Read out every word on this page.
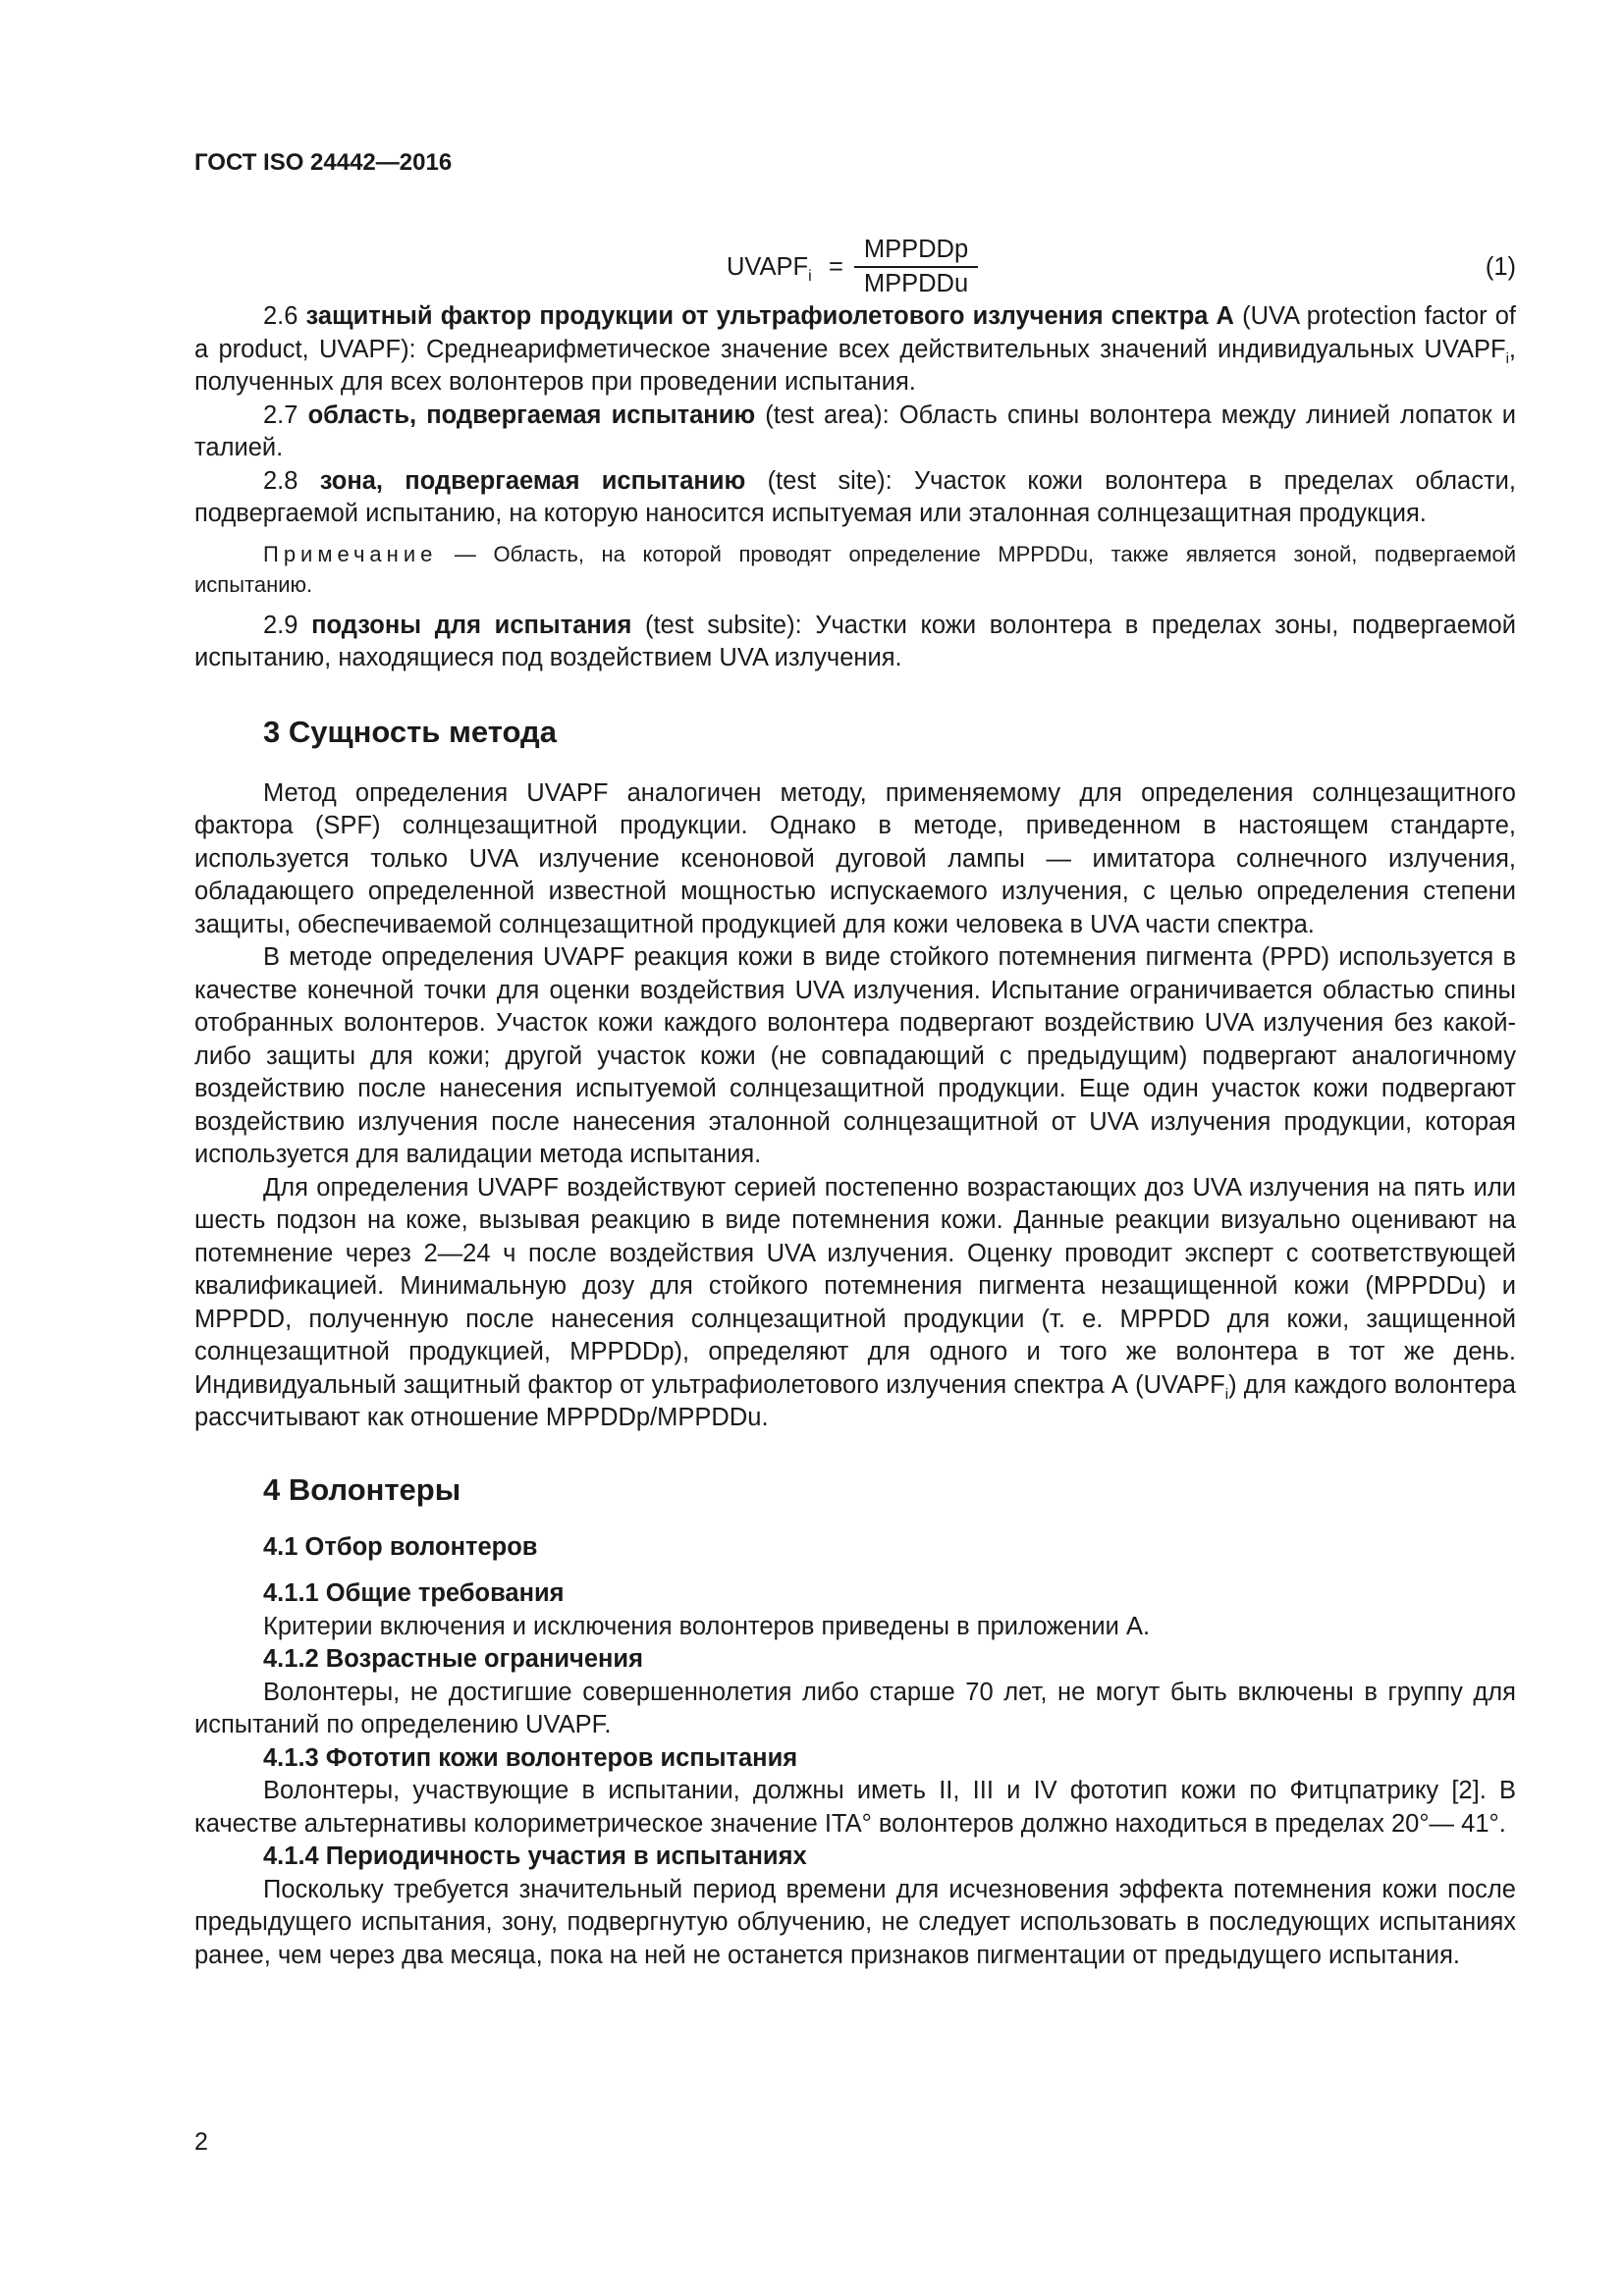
ГОСТ ISO 24442—2016
$UVAPF_i$ =
MPPDDp
MPPDDu
(1)

2.6 защитный фактор продукции от ультрафиолетового излучения спектра А (UVA protection factor of a product, UVAPF): Среднеарифметическое значение всех действительных значений индивидуальных $UVAPF_i$, полученных для всех волонтеров при проведении испытания.

2.7 область, подвергаемая испытанию (test area): Область спины волонтера между линией лопаток и талией.

2.8 зона, подвергаемая испытанию (test site): Участок кожи волонтера в пределах области, подвергаемой испытанию, на которую наносится испытуемая или эталонная солнцезащитная продукция.

Примечание — Область, на которой проводят определение MPPDDu, также является зоной, подвергаемой испытанию.

2.9 подзоны для испытания (test subsite): Участки кожи волонтера в пределах зоны, подвергаемой испытанию, находящиеся под воздействием UVA излучения.

3 Сущность метода

Метод определения UVAPF аналогичен методу, применяемому для определения солнцезащитного фактора (SPF) солнцезащитной продукции. Однако в методе, приведенном в настоящем стандарте, используется только UVA излучение ксеноновой дуговой лампы — имитатора солнечного излучения, обладающего определенной известной мощностью испускаемого излучения, с целью определения степени защиты, обеспечиваемой солнцезащитной продукцией для кожи человека в UVA части спектра.

В методе определения UVAPF реакция кожи в виде стойкого потемнения пигмента (PPD) используется в качестве конечной точки для оценки воздействия UVA излучения. Испытание ограничивается областью спины отобранных волонтеров. Участок кожи каждого волонтера подвергают воздействию UVA излучения без какой-либо защиты для кожи; другой участок кожи (не совпадающий с предыдущим) подвергают аналогичному воздействию после нанесения испытуемой солнцезащитной продукции. Еще один участок кожи подвергают воздействию излучения после нанесения эталонной солнцезащитной от UVA излучения продукции, которая используется для валидации метода испытания.

Для определения UVAPF воздействуют серией постепенно возрастающих доз UVA излучения на пять или шесть подзон на коже, вызывая реакцию в виде потемнения кожи. Данные реакции визуально оценивают на потемнение через 2—24 ч после воздействия UVA излучения. Оценку проводит эксперт с соответствующей квалификацией. Минимальную дозу для стойкого потемнения пигмента незащищенной кожи (MPPDDu) и MPPDD, полученную после нанесения солнцезащитной продукции (т. е. MPPDD для кожи, защищенной солнцезащитной продукцией, MPPDDp), определяют для одного и того же волонтера в тот же день. Индивидуальный защитный фактор от ультрафиолетового излучения спектра А $(UVAPF_i)$ для каждого волонтера рассчитывают как отношение MPPDDp/MPPDDu.

4 Волонтеры

4.1 Отбор волонтеров

4.1.1 Общие требования

Критерии включения и исключения волонтеров приведены в приложении А.

4.1.2 Возрастные ограничения

Волонтеры, не достигшие совершеннолетия либо старше 70 лет, не могут быть включены в группу для испытаний по определению UVAPF.

4.1.3 Фототип кожи волонтеров испытания

Волонтеры, участвующие в испытании, должны иметь II, III и IV фототип кожи по Фитцпатрику [2]. В качестве альтернативы колориметрическое значение ITA° волонтеров должно находиться в пределах 20°— 41°.

4.1.4 Периодичность участия в испытаниях

Поскольку требуется значительный период времени для исчезновения эффекта потемнения кожи после предыдущего испытания, зону, подвергнутую облучению, не следует использовать в последующих испытаниях ранее, чем через два месяца, пока на ней не останется признаков пигментации от предыдущего испытания.

2
